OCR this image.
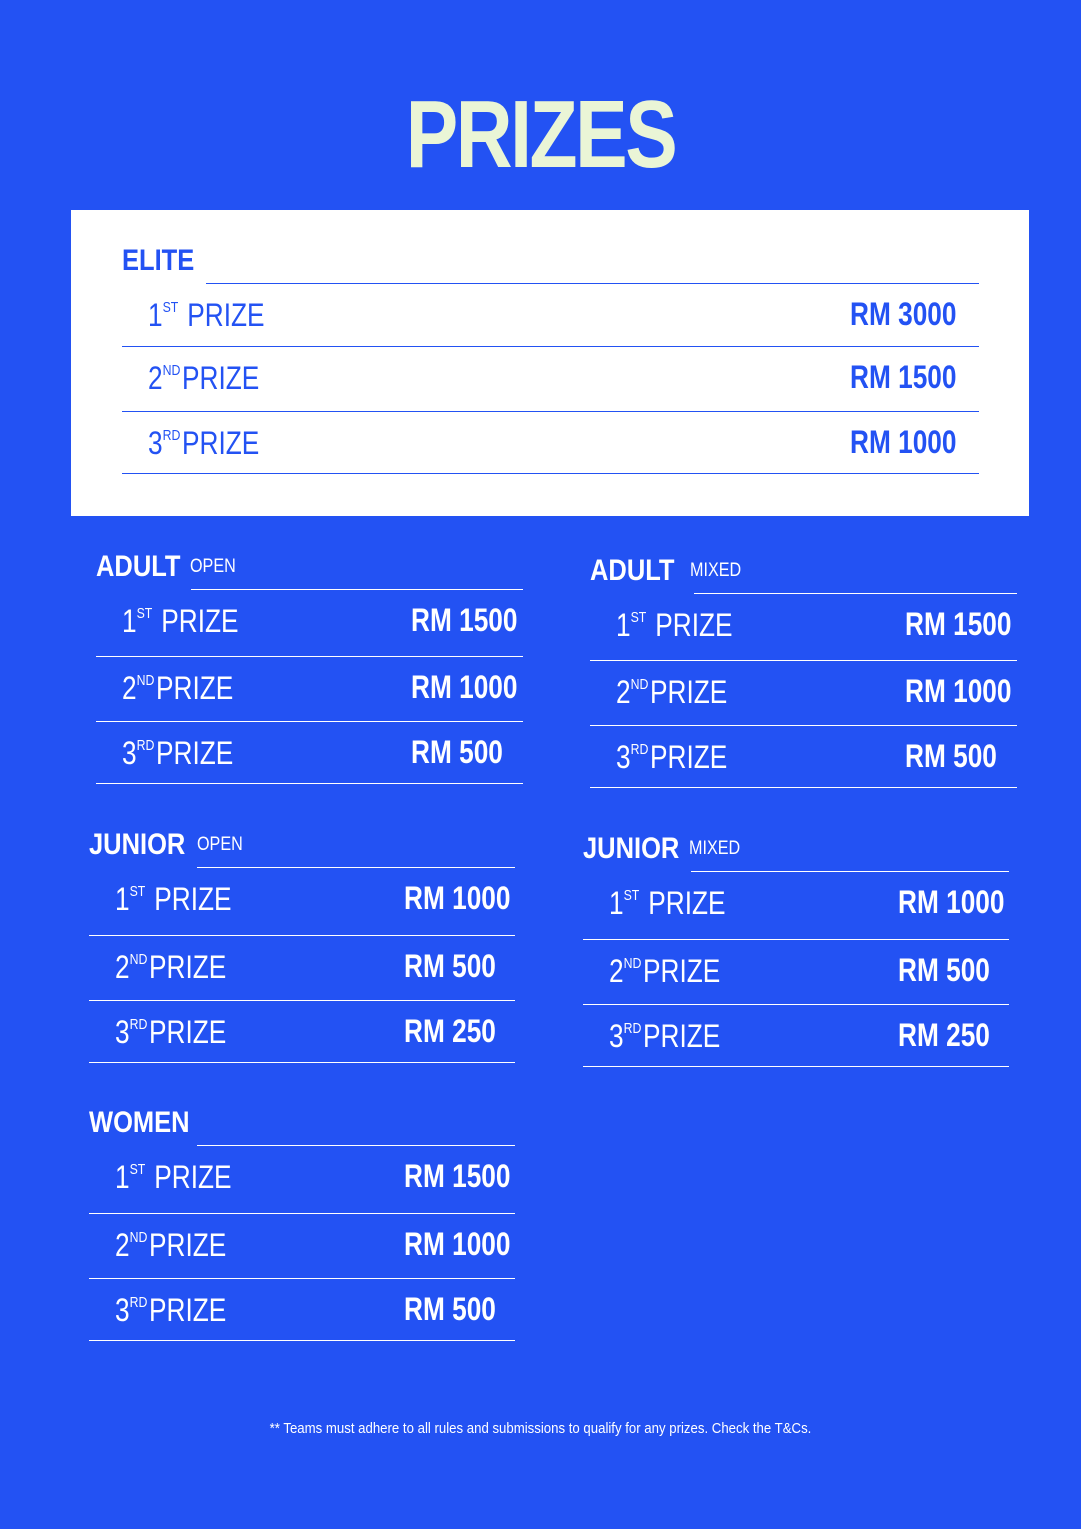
PRIZES
ELITE
1ST PRIZE	RM 3000
2NDPRIZE	RM 1500
3RDPRIZE	RM 1000
ADULT OPEN
1ST PRIZE	RM 1500
2NDPRIZE	RM 1000
3RDPRIZE	RM 500
ADULT MIXED
1ST PRIZE	RM 1500
2NDPRIZE	RM 1000
3RDPRIZE	RM 500
JUNIOR OPEN
1ST PRIZE	RM 1000
2NDPRIZE	RM 500
3RDPRIZE	RM 250
JUNIOR MIXED
1ST PRIZE	RM 1000
2NDPRIZE	RM 500
3RDPRIZE	RM 250
WOMEN
1ST PRIZE	RM 1500
2NDPRIZE	RM 1000
3RDPRIZE	RM 500
** Teams must adhere to all rules and submissions to qualify for any prizes. Check the T&Cs.
